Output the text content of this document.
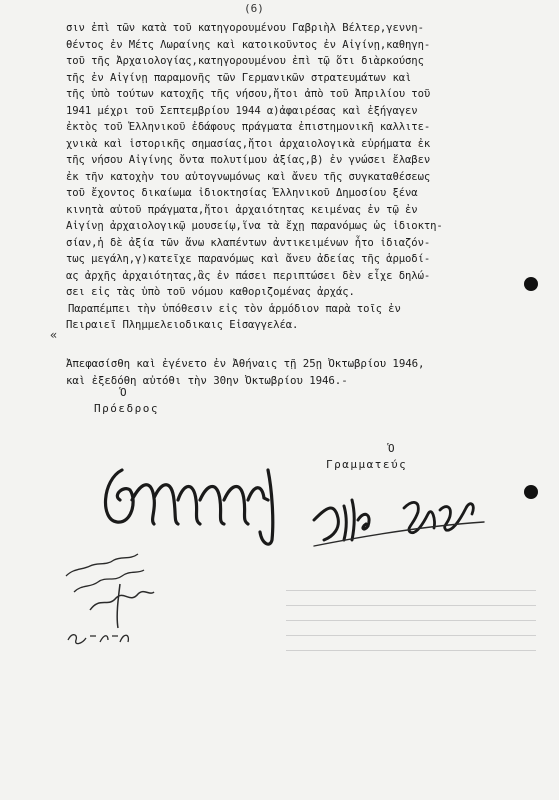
(6)
σιν ἐπὶ τῶν κατὰ τοῦ κατηγορουμένου Γαβριὴλ Βέλτερ,γεννη-
θέντος ἐν Μέτς Λωραίνης καὶ κατοικοῦντος ἐν Αἰγίνῃ,καθηγη-
τοῦ τῆς Ἀρχαιολογίας,κατηγορουμένου ἐπὶ τῷ ὅτι διὰρκούσης
τῆς ἐν Αἰγίνῃ παραμονῆς τῶν Γερμανικῶν στρατευμάτων καὶ
τῆς ὑπὸ τούτων κατοχῆς τῆς νήσου,ἤτοι ἀπὸ τοῦ Ἀπριλίου τοῦ
1941 μέχρι τοῦ Σεπτεμβρίου 1944 α)ἀφαιρέσας καὶ ἐξήγαγεν
ἐκτὸς τοῦ Ἑλληνικοῦ ἐδάφους πράγματα ἐπιστημονικῆ καλλιτε-
χνικὰ καὶ ἱστορικῆς σημασίας,ἤτοι ἀρχαιολογικὰ εὑρήματα ἐκ
τῆς νήσου Αἰγίνης ὄντα πολυτίμου ἀξίας,β) ἐν γνώσει ἔλαβεν
ἐκ τῆν κατοχὴν του αὐτογνωμόνως καὶ ἄνευ τῆς συγκαταθέσεως
τοῦ ἔχοντος δικαίωμα ἰδιοκτησίας Ἑλληνικοῦ Δημοσίου ξένα
κινητὰ αὐτοῦ πράγματα,ἤτοι ἀρχαιότητας κειμένας ἐν τῷ ἐν
Αἰγίνῃ ἀρχαιολογικῷ μουσείῳ,ἵνα τὰ ἔχῃ παρανόμως ὡς ἰδιοκτη-
σίαν,ἡ δὲ ἀξία τῶν ἄνω κλαπέντων ἀντικειμένων ἦτο ἰδιαζόν-
τως μεγάλη,γ)κατεῖχε παρανόμως καὶ ἄνευ ἀδείας τῆς ἁρμοδί-
ας ἀρχῆς ἀρχαιότητας,ἃς ἐν πάσει περιπτώσει δὲν εἶχε δηλώ-
σει εἰς τὰς ὑπὸ τοῦ νόμου καθοριζομένας ἀρχάς.
Παραπέμπει τὴν ὑπόθεσιν εἰς τὸν ἁρμόδιον παρὰ τοῖς ἐν
Πειραιεῖ Πλημμελειοδικαις Εἰσαγγελέα.
«
Ἀπεφασίσθη καὶ ἐγένετο ἐν Ἀθήναις τῇ 25ῃ Ὀκτωβρίου 1946,
καὶ ἐξεδόθη αὐτόθι τὴν 30ην Ὀκτωβρίου 1946.-
Ὁ
Πρόεδρος
Ὁ
Γραμματεύς
